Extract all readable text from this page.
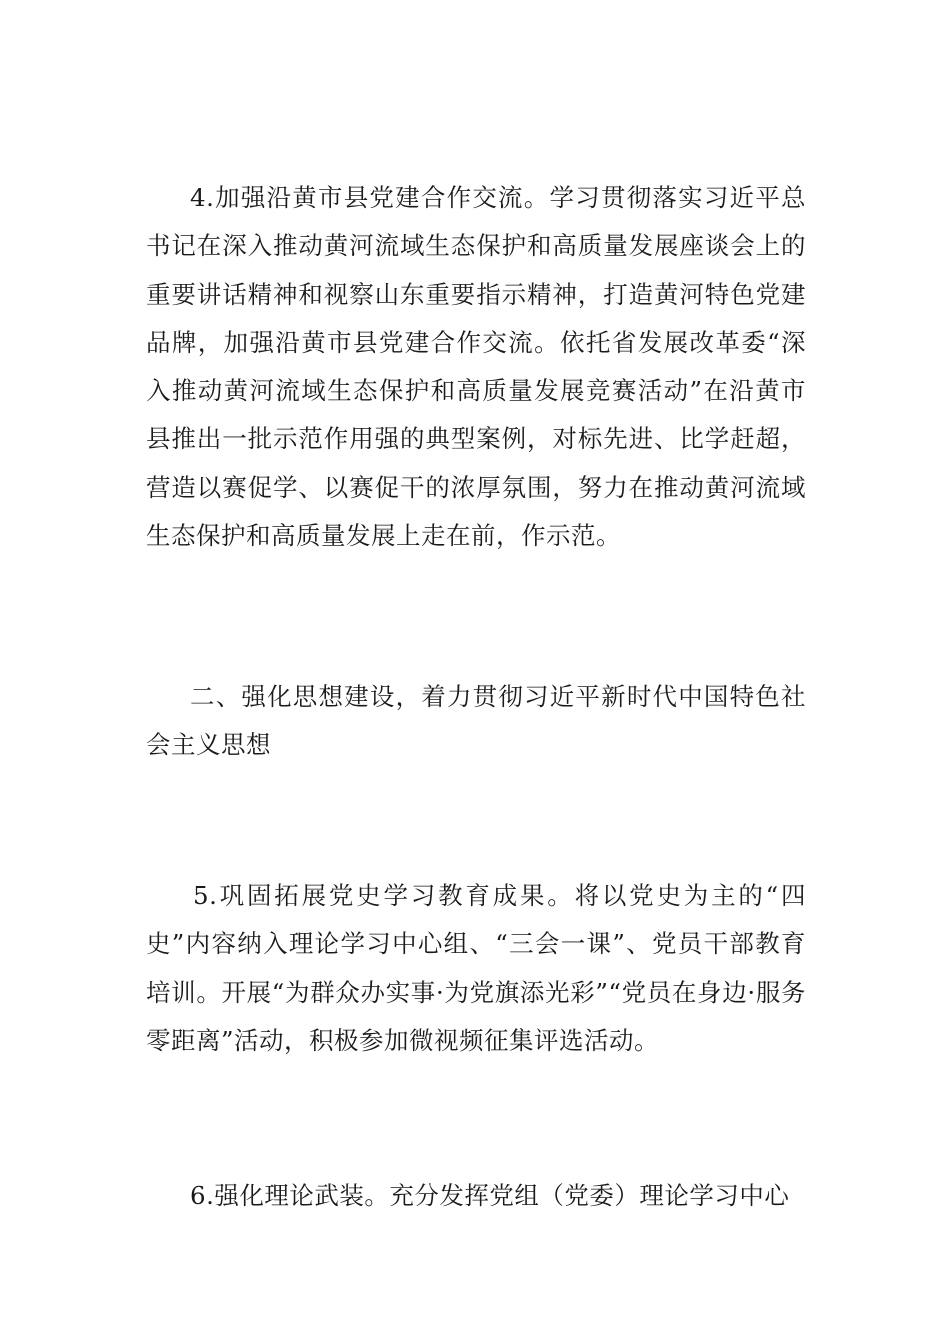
4.加强沿黄市县党建合作交流。学习贯彻落实习近平总书记在深入推动黄河流域生态保护和高质量发展座谈会上的重要讲话精神和视察山东重要指示精神，打造黄河特色党建品牌，加强沿黄市县党建合作交流。依托省发展改革委“深入推动黄河流域生态保护和高质量发展竞赛活动”在沿黄市县推出一批示范作用强的典型案例，对标先进、比学赶超，营造以赛促学、以赛促干的浓厚氛围，努力在推动黄河流域生态保护和高质量发展上走在前，作示范。

二、强化思想建设，着力贯彻习近平新时代中国特色社会主义思想

5.巩固拓展党史学习教育成果。将以党史为主的“四史”内容纳入理论学习中心组、“三会一课”、党员干部教育培训。开展“为群众办实事·为党旗添光彩”“党员在身边·服务零距离”活动，积极参加微视频征集评选活动。

6.强化理论武装。充分发挥党组（党委）理论学习中心
